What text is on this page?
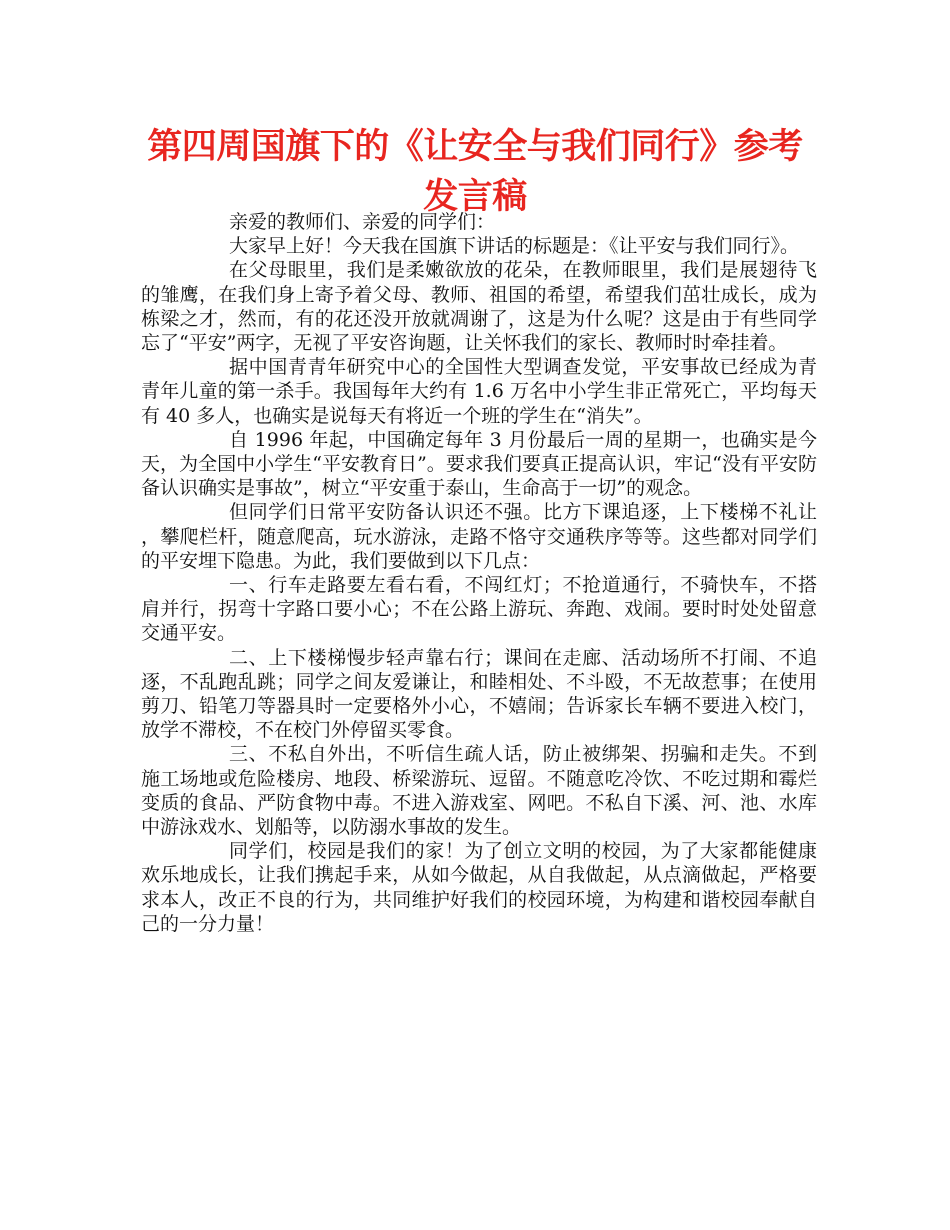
第四周国旗下的《让安全与我们同行》参考发言稿

亲爱的教师们、亲爱的同学们：

大家早上好！今天我在国旗下讲话的标题是：《让平安与我们同行》。

在父母眼里，我们是柔嫩欲放的花朵，在教师眼里，我们是展翅待飞的雏鹰，在我们身上寄予着父母、教师、祖国的希望，希望我们茁壮成长，成为栋梁之才，然而，有的花还没开放就凋谢了，这是为什么呢？这是由于有些同学忘了“平安”两字，无视了平安咨询题，让关怀我们的家长、教师时时牵挂着。

据中国青青年研究中心的全国性大型调查发觉，平安事故已经成为青青年儿童的第一杀手。我国每年大约有 1.6 万名中小学生非正常死亡，平均每天有 40 多人，也确实是说每天有将近一个班的学生在“消失”。

自 1996 年起，中国确定每年 3 月份最后一周的星期一，也确实是今天，为全国中小学生“平安教育日”。要求我们要真正提高认识，牢记“没有平安防备认识确实是事故”，树立“平安重于泰山，生命高于一切”的观念。

但同学们日常平安防备认识还不强。比方下课追逐，上下楼梯不礼让，攀爬栏杆，随意爬高，玩水游泳，走路不恪守交通秩序等等。这些都对同学们的平安埋下隐患。为此，我们要做到以下几点：

一、行车走路要左看右看，不闯红灯；不抢道通行，不骑快车，不搭肩并行，拐弯十字路口要小心；不在公路上游玩、奔跑、戏闹。要时时处处留意交通平安。

二、上下楼梯慢步轻声靠右行；课间在走廊、活动场所不打闹、不追逐，不乱跑乱跳；同学之间友爱谦让，和睦相处、不斗殴，不无故惹事；在使用剪刀、铅笔刀等器具时一定要格外小心，不嬉闹；告诉家长车辆不要进入校门，放学不滞校，不在校门外停留买零食。

三、不私自外出，不听信生疏人话，防止被绑架、拐骗和走失。不到施工场地或危险楼房、地段、桥梁游玩、逗留。不随意吃冷饮、不吃过期和霉烂变质的食品、严防食物中毒。不进入游戏室、网吧。不私自下溪、河、池、水库中游泳戏水、划船等，以防溺水事故的发生。

同学们，校园是我们的家！为了创立文明的校园，为了大家都能健康欢乐地成长，让我们携起手来，从如今做起，从自我做起，从点滴做起，严格要求本人，改正不良的行为，共同维护好我们的校园环境，为构建和谐校园奉献自己的一分力量！
